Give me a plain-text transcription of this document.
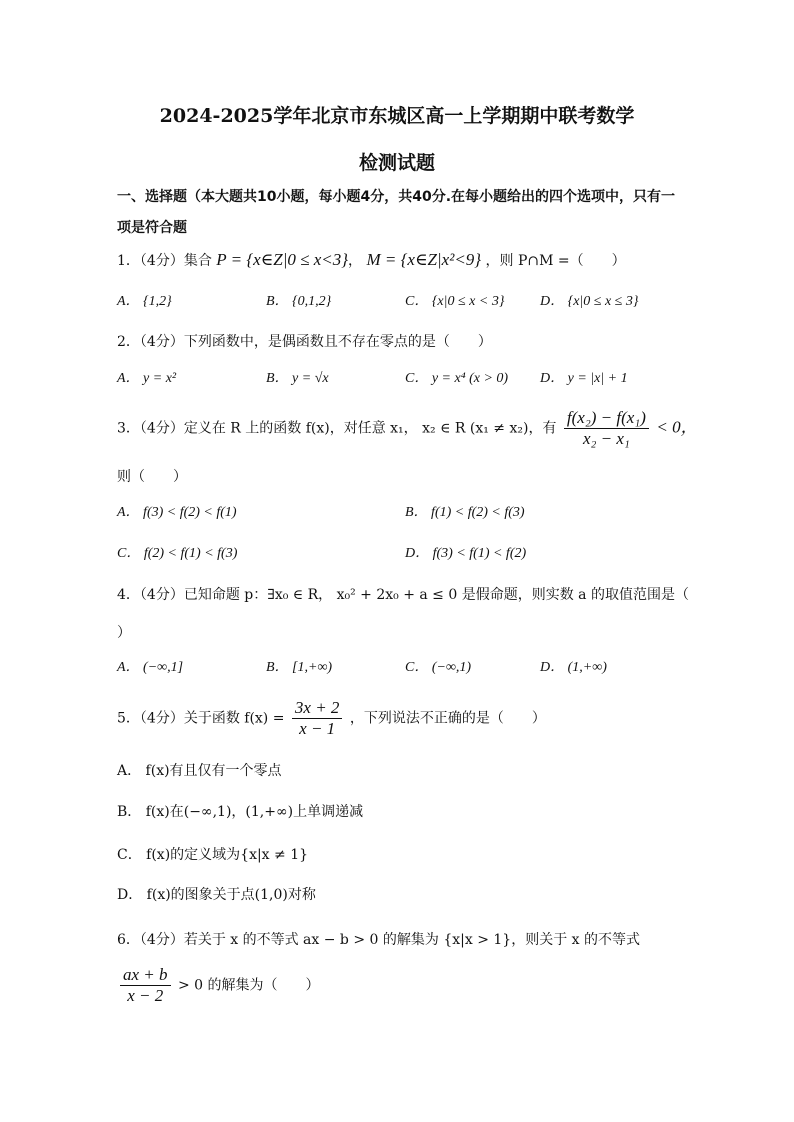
2024-2025学年北京市东城区高一上学期期中联考数学
检测试题
一、选择题（本大题共10小题，每小题4分，共40分.在每小题给出的四个选项中，只有一
项是符合题
1．（4分）集合 P = {x∈Z|0 ≤ x<3}， M = {x∈Z|x²<9} ，则 P∩M =（　　）
A． {1,2}	B． {0,1,2}	C． {x|0 ≤ x < 3}	D． {x|0 ≤ x ≤ 3}
2．（4分）下列函数中，是偶函数且不存在零点的是（　　）
A． y = x²	B． y = √x	C． y = x⁴ (x > 0) D． y = |x| + 1
3．（4分）定义在 R 上的函数 f(x)，对任意 x₁， x₂ ∈ R (x₁ ≠ x₂)，有 $\frac{\text{f(x₂) − f(x₁)}}{\text{x₂ − x₁}} < 0$，
则（　　）
A． f(3) < f(2) < f(1)	B． f(1) < f(2) < f(3)
C． f(2) < f(1) < f(3)	D． f(3) < f(1) < f(2)
4．（4分）已知命题 p：∃x₀ ∈ R， x₀² + 2x₀ + a ≤ 0 是假命题，则实数 a 的取值范围是（
）
A． (−∞,1]	B． [1,+∞)	C． (−∞,1)	D． (1,+∞)
5．（4分）关于函数 $f(x) = \frac{3x + 2}{x - 1}$ ，下列说法不正确的是（　　）
A． f(x)有且仅有一个零点
B． f(x)在(−∞,1)，(1,+∞)上单调递减
C． f(x)的定义域为{x|x ≠ 1}
D． f(x)的图象关于点(1,0)对称
6．（4分）若关于 x 的不等式 ax − b > 0 的解集为 {x|x > 1}，则关于 x 的不等式
$\frac{ax + b}{x - 2} > 0$ 的解集为（　　）
